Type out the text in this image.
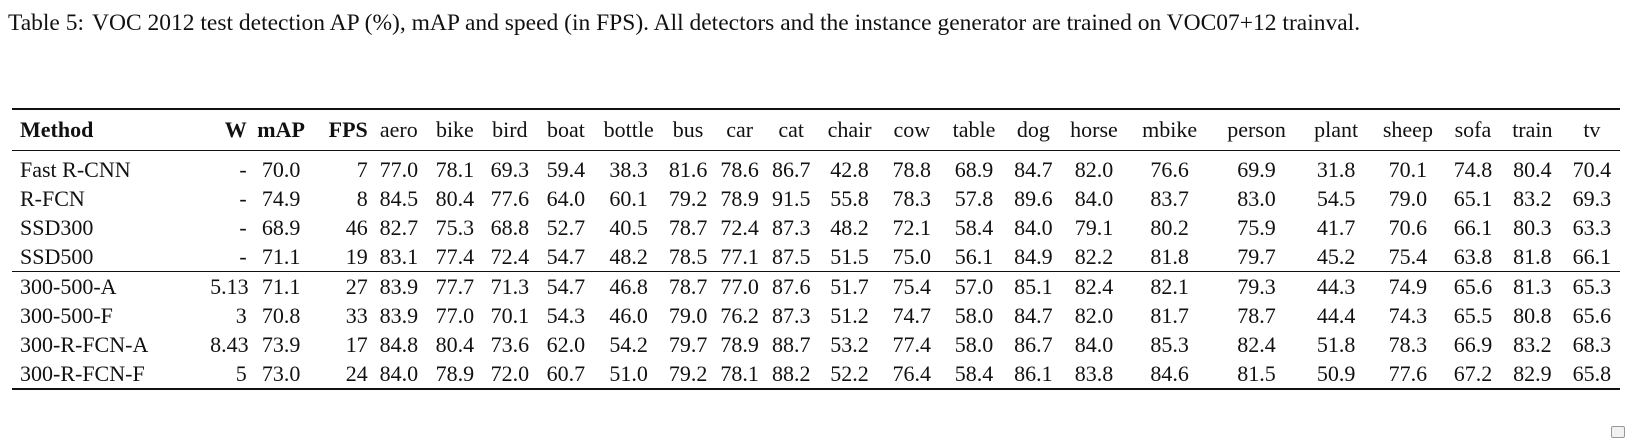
Table 5: VOC 2012 test detection AP (%), mAP and speed (in FPS). All detectors and the instance generator are trained on VOC07+12 trainval.
Method	W	mAP	FPS	aero	bike	bird	boat	bottle	bus	car	cat	chair	cow	table	dog	horse	mbike	person	plant	sheep	sofa	train	tv
Fast R-CNN	-	70.0	7	77.0	78.1	69.3	59.4	38.3	81.6	78.6	86.7	42.8	78.8	68.9	84.7	82.0	76.6	69.9	31.8	70.1	74.8	80.4	70.4
R-FCN	-	74.9	8	84.5	80.4	77.6	64.0	60.1	79.2	78.9	91.5	55.8	78.3	57.8	89.6	84.0	83.7	83.0	54.5	79.0	65.1	83.2	69.3
SSD300	-	68.9	46	82.7	75.3	68.8	52.7	40.5	78.7	72.4	87.3	48.2	72.1	58.4	84.0	79.1	80.2	75.9	41.7	70.6	66.1	80.3	63.3
SSD500	-	71.1	19	83.1	77.4	72.4	54.7	48.2	78.5	77.1	87.5	51.5	75.0	56.1	84.9	82.2	81.8	79.7	45.2	75.4	63.8	81.8	66.1
300-500-A	5.13	71.1	27	83.9	77.7	71.3	54.7	46.8	78.7	77.0	87.6	51.7	75.4	57.0	85.1	82.4	82.1	79.3	44.3	74.9	65.6	81.3	65.3
300-500-F	3	70.8	33	83.9	77.0	70.1	54.3	46.0	79.0	76.2	87.3	51.2	74.7	58.0	84.7	82.0	81.7	78.7	44.4	74.3	65.5	80.8	65.6
300-R-FCN-A	8.43	73.9	17	84.8	80.4	73.6	62.0	54.2	79.7	78.9	88.7	53.2	77.4	58.0	86.7	84.0	85.3	82.4	51.8	78.3	66.9	83.2	68.3
300-R-FCN-F	5	73.0	24	84.0	78.9	72.0	60.7	51.0	79.2	78.1	88.2	52.2	76.4	58.4	86.1	83.8	84.6	81.5	50.9	77.6	67.2	82.9	65.8
